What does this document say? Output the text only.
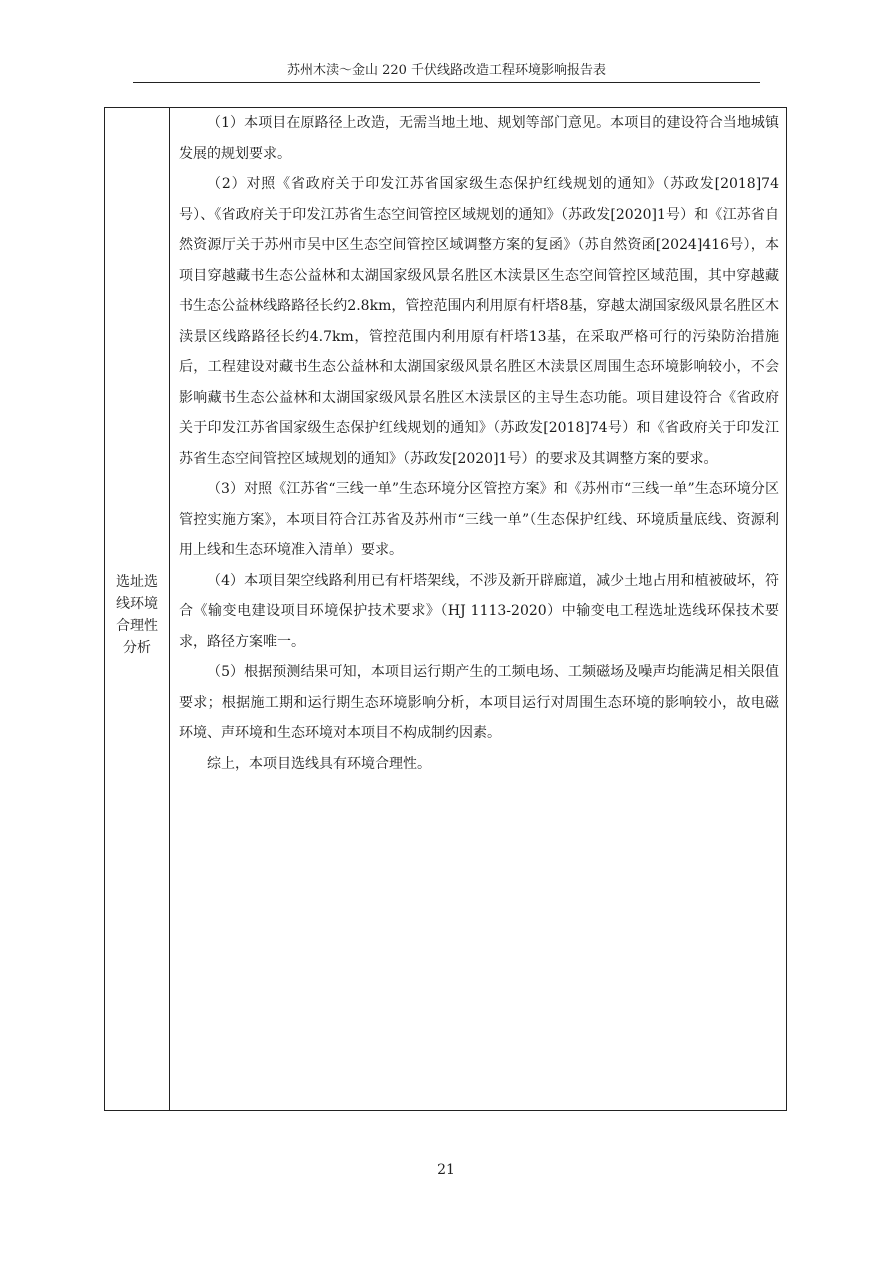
苏州木渎～金山 220 千伏线路改造工程环境影响报告表
选址选线环境合理性分析

（1）本项目在原路径上改造，无需当地土地、规划等部门意见。本项目的建设符合当地城镇发展的规划要求。

（2）对照《省政府关于印发江苏省国家级生态保护红线规划的通知》（苏政发[2018]74号）、《省政府关于印发江苏省生态空间管控区域规划的通知》（苏政发[2020]1号）和《江苏省自然资源厅关于苏州市吴中区生态空间管控区域调整方案的复函》（苏自然资函[2024]416号），本项目穿越藏书生态公益林和太湖国家级风景名胜区木渎景区生态空间管控区域范围，其中穿越藏书生态公益林线路路径长约2.8km，管控范围内利用原有杆塔8基，穿越太湖国家级风景名胜区木渎景区线路路径长约4.7km，管控范围内利用原有杆塔13基，在采取严格可行的污染防治措施后，工程建设对藏书生态公益林和太湖国家级风景名胜区木渎景区周围生态环境影响较小，不会影响藏书生态公益林和太湖国家级风景名胜区木渎景区的主导生态功能。项目建设符合《省政府关于印发江苏省国家级生态保护红线规划的通知》（苏政发[2018]74号）和《省政府关于印发江苏省生态空间管控区域规划的通知》（苏政发[2020]1号）的要求及其调整方案的要求。

（3）对照《江苏省“三线一单”生态环境分区管控方案》和《苏州市“三线一单”生态环境分区管控实施方案》，本项目符合江苏省及苏州市“三线一单”（生态保护红线、环境质量底线、资源利用上线和生态环境准入清单）要求。

（4）本项目架空线路利用已有杆塔架线，不涉及新开辟廊道，减少土地占用和植被破坏，符合《输变电建设项目环境保护技术要求》（HJ 1113-2020）中输变电工程选址选线环保技术要求，路径方案唯一。

（5）根据预测结果可知，本项目运行期产生的工频电场、工频磁场及噪声均能满足相关限值要求；根据施工期和运行期生态环境影响分析，本项目运行对周围生态环境的影响较小，故电磁环境、声环境和生态环境对本项目不构成制约因素。

综上，本项目选线具有环境合理性。

21
